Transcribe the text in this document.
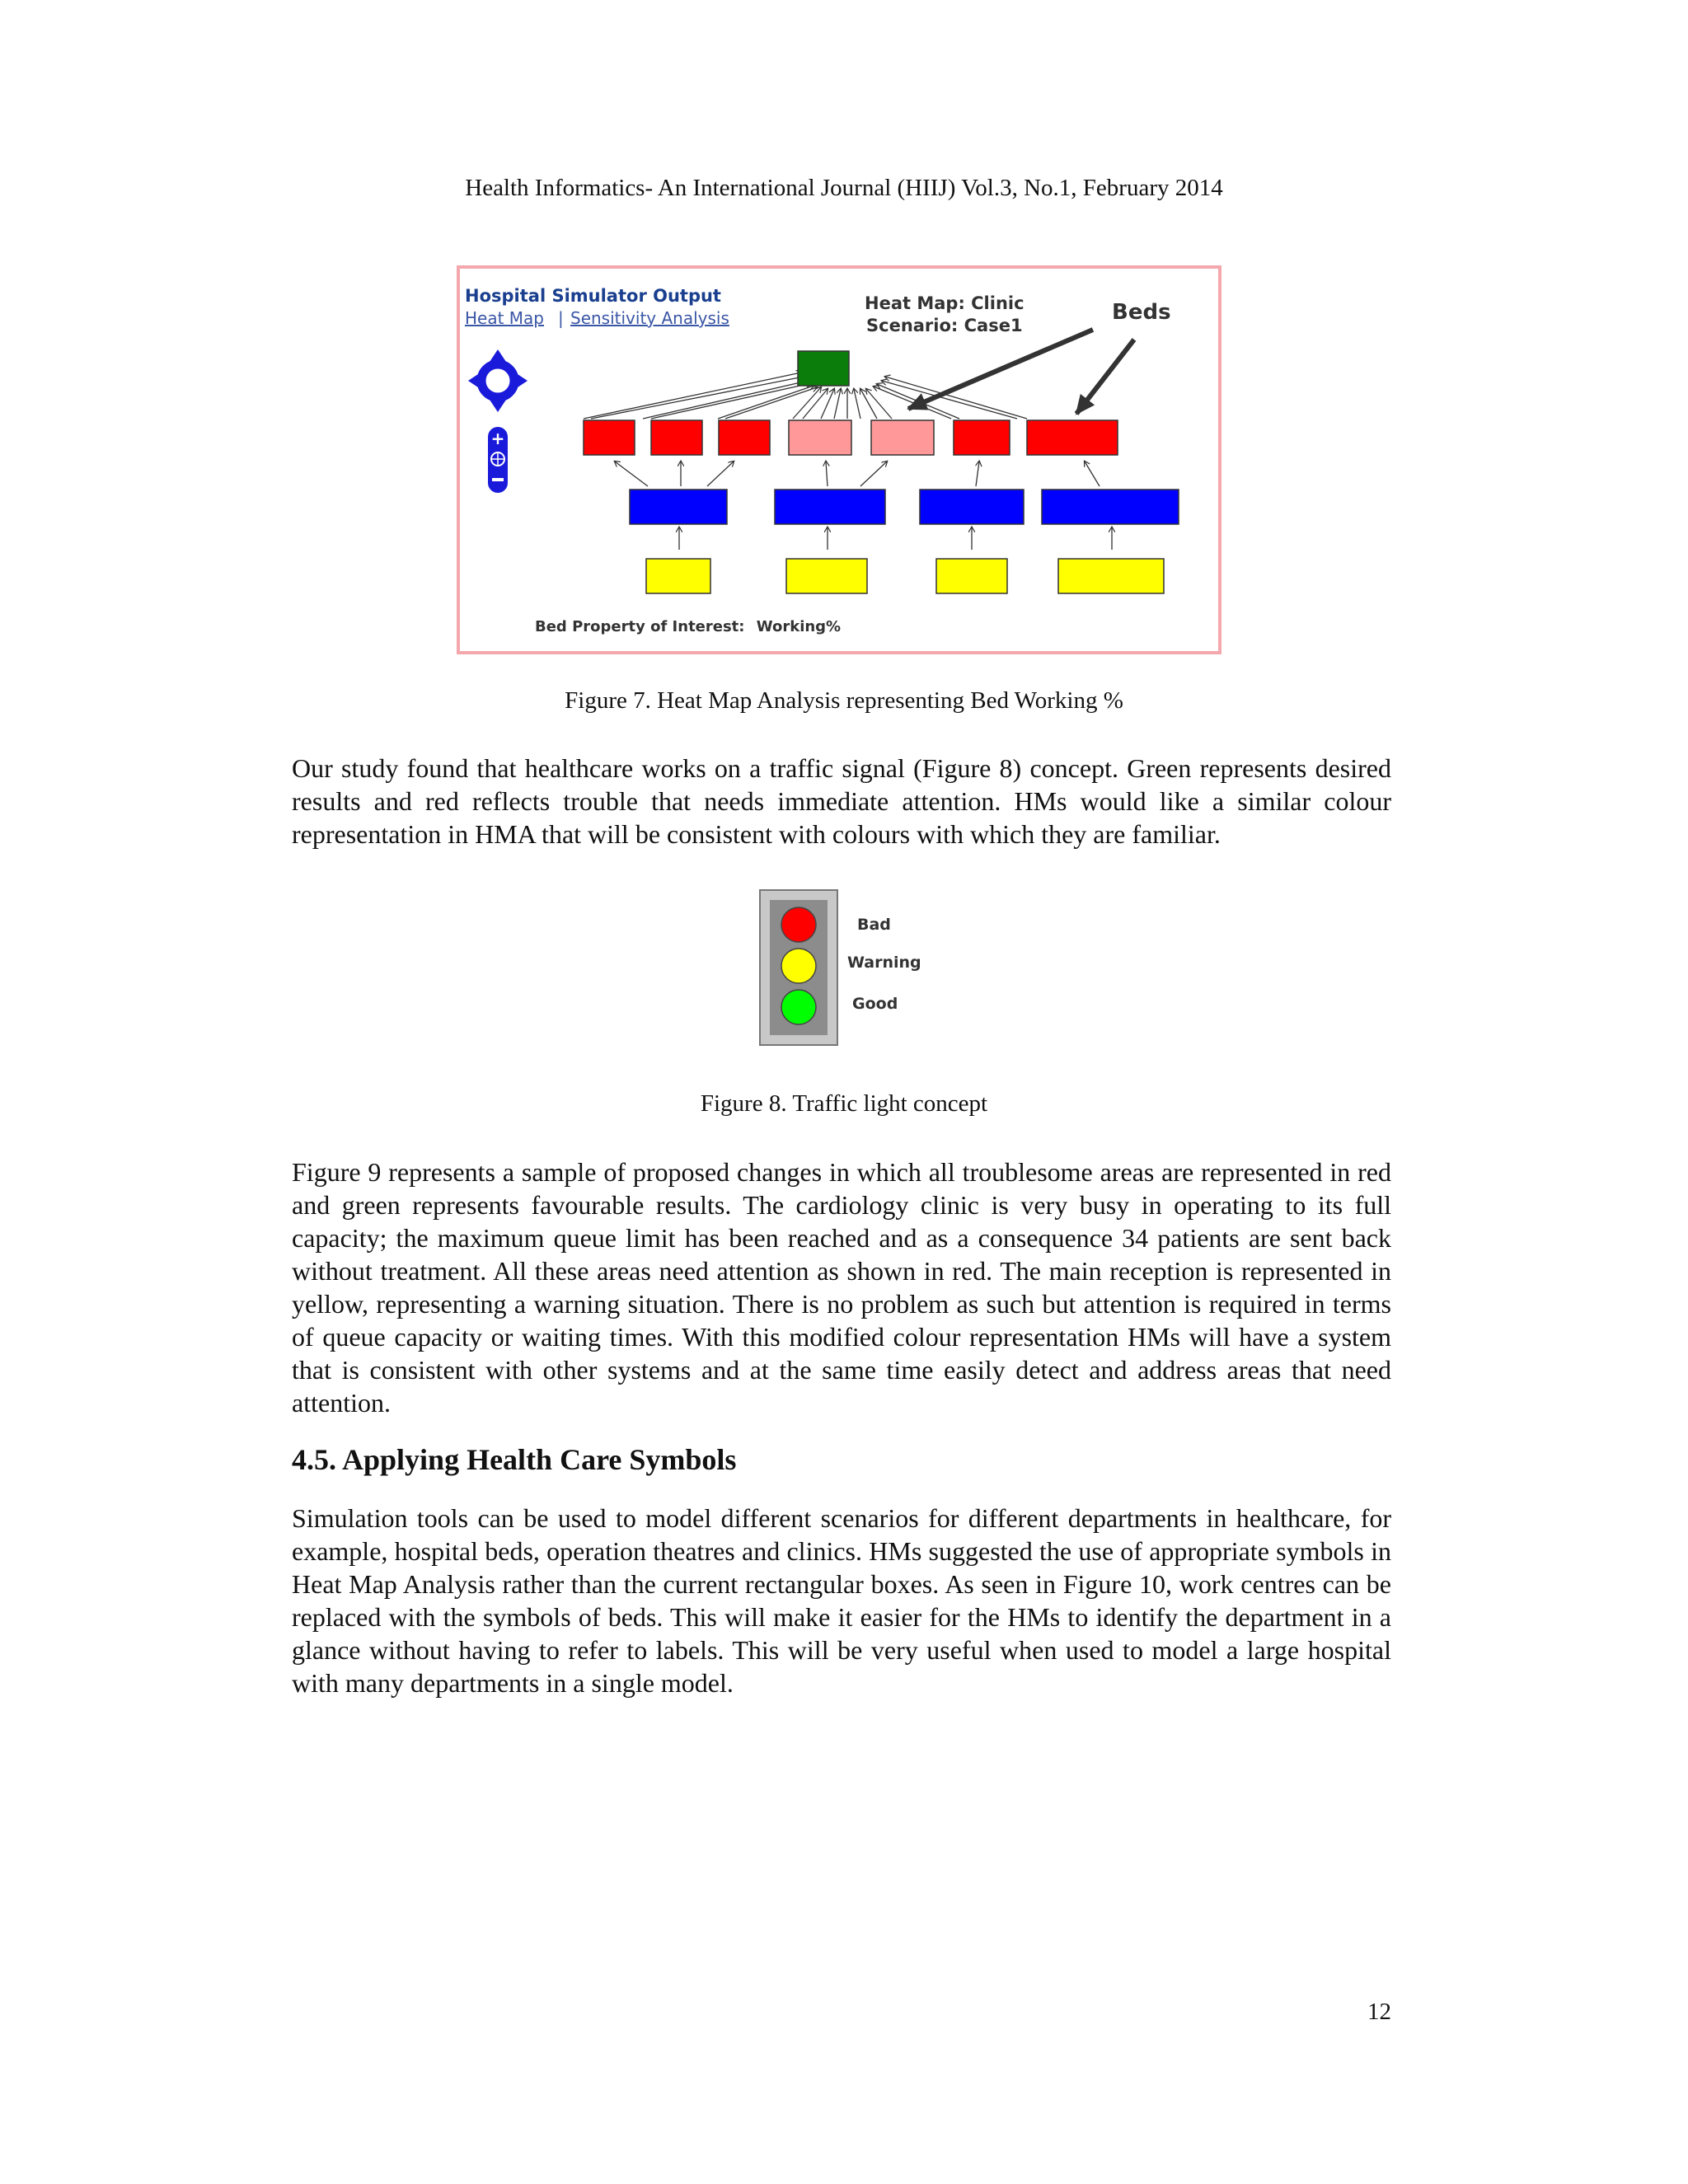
Health Informatics- An International Journal (HIIJ) Vol.3, No.1, February 2014
Hospital Simulator Output
Heat Map | Sensitivity Analysis
Heat Map: Clinic
Scenario: Case1
Beds
+
Bed Property of Interest: Working%
Figure 7. Heat Map Analysis representing Bed Working %
Our study found that healthcare works on a traffic signal (Figure 8) concept. Green represents desired results and red reflects trouble that needs immediate attention. HMs would like a similar colour representation in HMA that will be consistent with colours with which they are familiar.
Bad
Warning
Good
Figure 8. Traffic light concept
Figure 9 represents a sample of proposed changes in which all troublesome areas are represented in red and green represents favourable results. The cardiology clinic is very busy in operating to its full capacity; the maximum queue limit has been reached and as a consequence 34 patients are sent back without treatment. All these areas need attention as shown in red. The main reception is represented in yellow, representing a warning situation. There is no problem as such but attention is required in terms of queue capacity or waiting times. With this modified colour representation HMs will have a system that is consistent with other systems and at the same time easily detect and address areas that need attention.
4.5. Applying Health Care Symbols
Simulation tools can be used to model different scenarios for different departments in healthcare, for example, hospital beds, operation theatres and clinics. HMs suggested the use of appropriate symbols in Heat Map Analysis rather than the current rectangular boxes. As seen in Figure 10, work centres can be replaced with the symbols of beds. This will make it easier for the HMs to identify the department in a glance without having to refer to labels. This will be very useful when used to model a large hospital with many departments in a single model.
12
